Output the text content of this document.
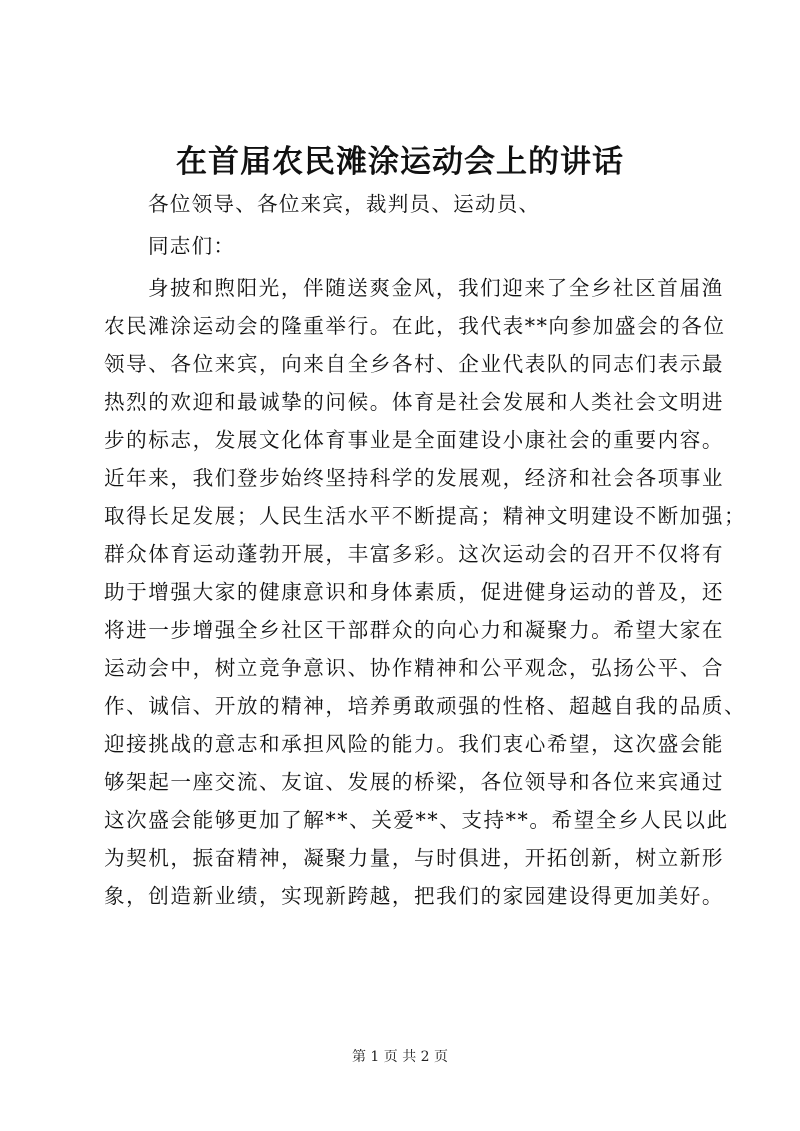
在首届农民滩涂运动会上的讲话

各位领导、各位来宾，裁判员、运动员、

同志们：

身披和煦阳光，伴随送爽金风，我们迎来了全乡社区首届渔
农民滩涂运动会的隆重举行。在此，我代表**向参加盛会的各位
领导、各位来宾，向来自全乡各村、企业代表队的同志们表示最
热烈的欢迎和最诚挚的问候。体育是社会发展和人类社会文明进
步的标志，发展文化体育事业是全面建设小康社会的重要内容。
近年来，我们登步始终坚持科学的发展观，经济和社会各项事业
取得长足发展；人民生活水平不断提高；精神文明建设不断加强；
群众体育运动蓬勃开展，丰富多彩。这次运动会的召开不仅将有
助于增强大家的健康意识和身体素质，促进健身运动的普及，还
将进一步增强全乡社区干部群众的向心力和凝聚力。希望大家在
运动会中，树立竞争意识、协作精神和公平观念，弘扬公平、合
作、诚信、开放的精神，培养勇敢顽强的性格、超越自我的品质、
迎接挑战的意志和承担风险的能力。我们衷心希望，这次盛会能
够架起一座交流、友谊、发展的桥梁，各位领导和各位来宾通过
这次盛会能够更加了解**、关爱**、支持**。希望全乡人民以此
为契机，振奋精神，凝聚力量，与时俱进，开拓创新，树立新形
象，创造新业绩，实现新跨越，把我们的家园建设得更加美好。

第 1 页 共 2 页
